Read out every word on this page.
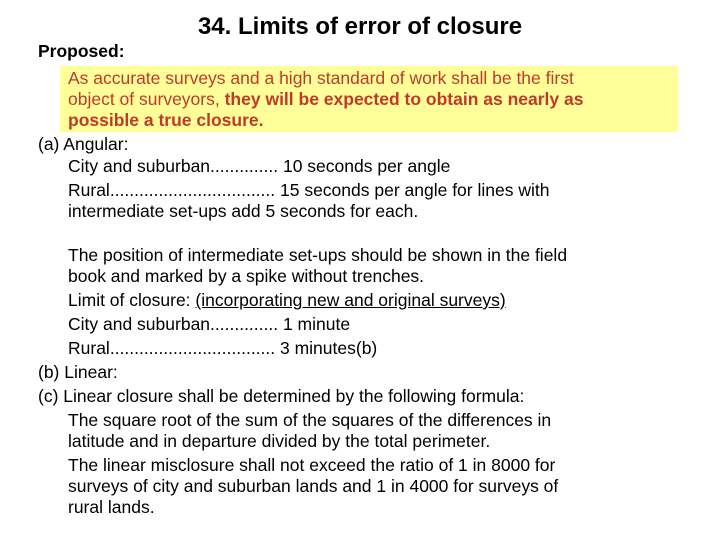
34. Limits of error of closure
Proposed:
As accurate surveys and a high standard of work shall be the first
object of surveyors, they will be expected to obtain as nearly as
possible a true closure.
(a) Angular:
City and suburban.............. 10 seconds per angle
Rural.................................. 15 seconds per angle for lines with
intermediate set-ups add 5 seconds for each.
The position of intermediate set-ups should be shown in the field
book and marked by a spike without trenches.
Limit of closure: (incorporating new and original surveys)
City and suburban.............. 1 minute
Rural.................................. 3 minutes(b)
(b) Linear:
(c) Linear closure shall be determined by the following formula:
The square root of the sum of the squares of the differences in
latitude and in departure divided by the total perimeter.
The linear misclosure shall not exceed the ratio of 1 in 8000 for
surveys of city and suburban lands and 1 in 4000 for surveys of
rural lands.
